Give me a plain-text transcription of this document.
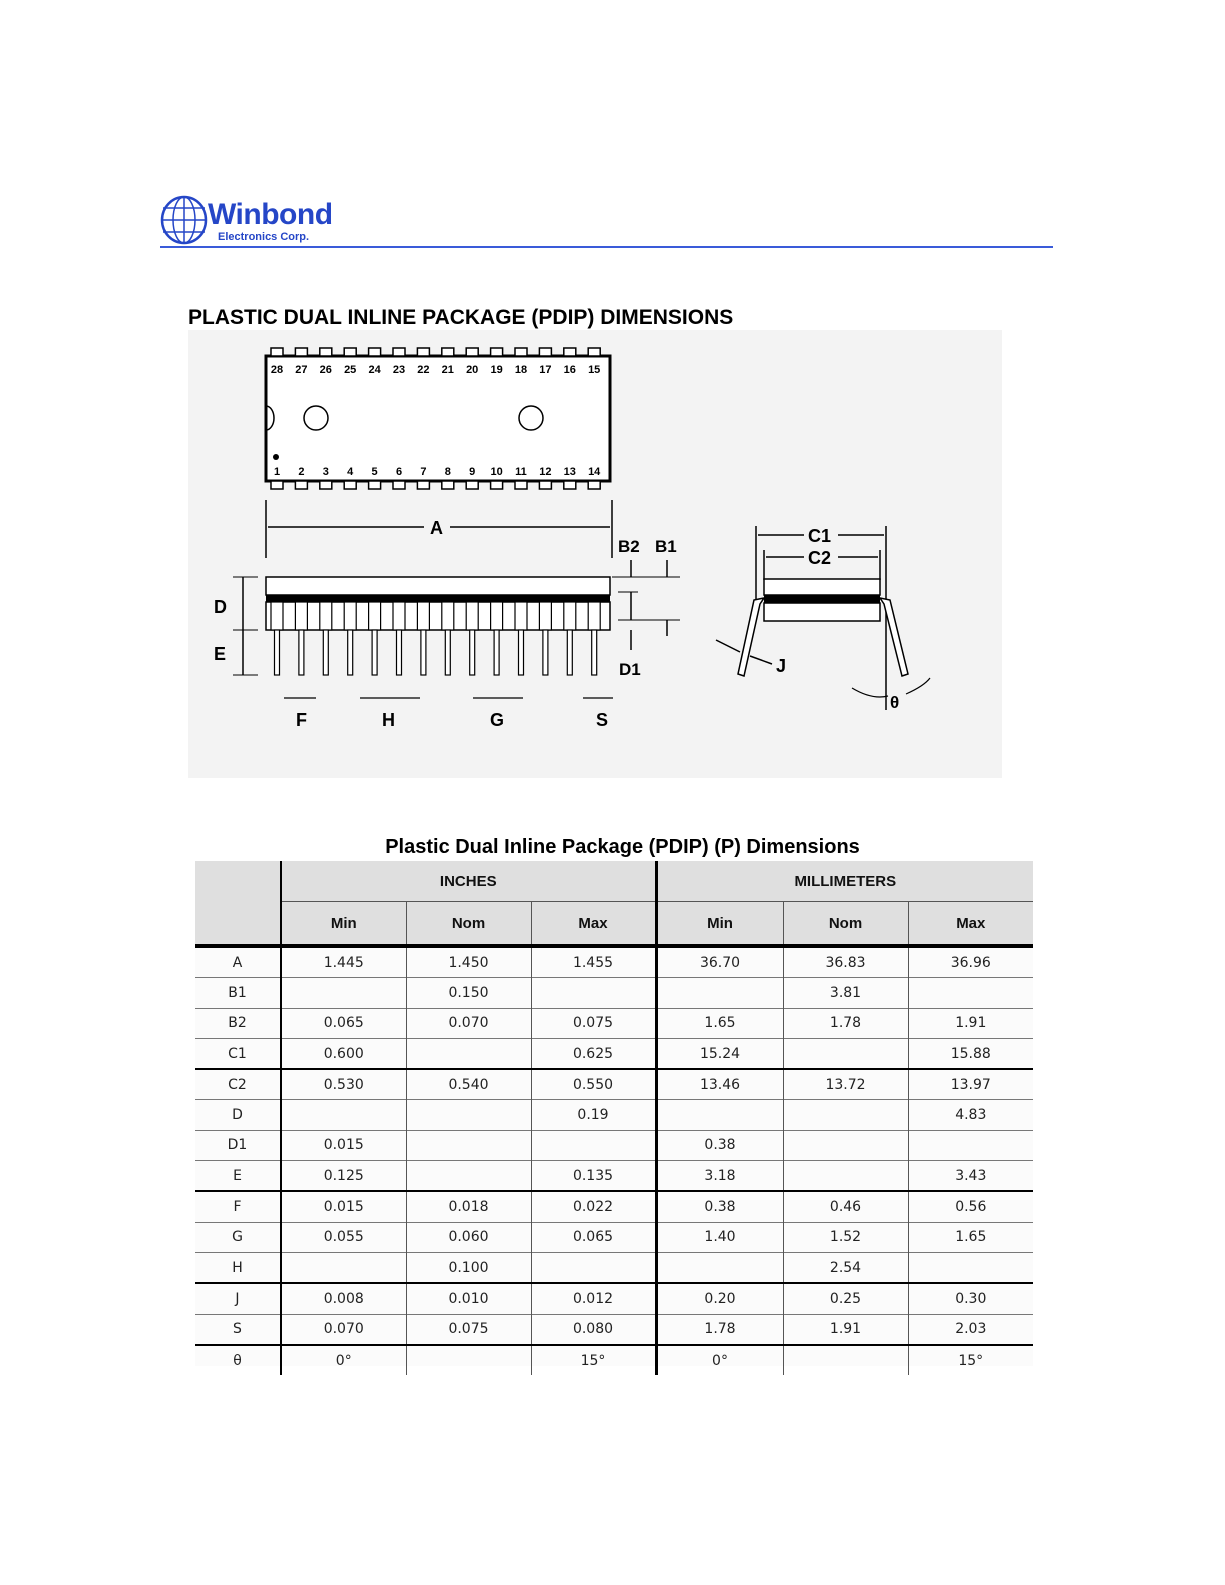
Winbond
Electronics Corp.
PLASTIC DUAL INLINE PACKAGE (PDIP) DIMENSIONS
28
1
27
2
26
3
25
4
24
5
23
6
22
7
21
8
20
9
19
10
18
11
17
12
16
13
15
14
A
D
E
B2 B1
D1
F	H	G	S
C1
C2
J
θ
Plastic Dual Inline Package (PDIP) (P) Dimensions
	INCHES			MILLIMETERS		
	Min	Nom	Max	Min	Nom	Max
A	1.445	1.450	1.455	36.70	36.83	36.96
B1		0.150			3.81	
B2	0.065	0.070	0.075	1.65	1.78	1.91
C1	0.600		0.625	15.24		15.88
C2	0.530	0.540	0.550	13.46	13.72	13.97
D			0.19			4.83
D1	0.015			0.38		
E	0.125		0.135	3.18		3.43
F	0.015	0.018	0.022	0.38	0.46	0.56
G	0.055	0.060	0.065	1.40	1.52	1.65
H		0.100			2.54	
J	0.008	0.010	0.012	0.20	0.25	0.30
S	0.070	0.075	0.080	1.78	1.91	2.03
θ	0°		15°	0°		15°
